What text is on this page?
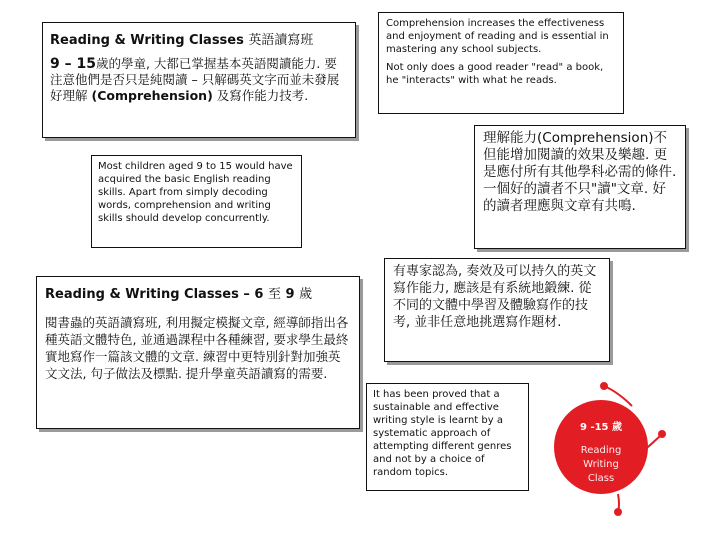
Reading & Writing Classes 英語讀寫班
9 – 15歲的學童, 大都已掌握基本英語閱讀能力. 要注意他們是否只是純閱讀 – 只解碼英文字而並未發展好理解 (Comprehension) 及寫作能力技考.

Comprehension increases the effectiveness and enjoyment of reading and is essential in mastering any school subjects.

Not only does a good reader "read" a book, he "interacts" with what he reads.

理解能力(Comprehension)不但能增加閱讀的效果及樂趣. 更是應付所有其他學科必需的條件. 一個好的讀者不只"讀"文章. 好的讀者理應與文章有共鳴.
Most children aged 9 to 15 would have acquired the basic English reading skills. Apart from simply decoding words, comprehension and writing skills should develop concurrently.
Reading & Writing Classes – 6 至 9 歲
閱書蟲的英語讀寫班, 利用擬定模擬文章, 經導師指出各種英語文體特色, 並通過課程中各種練習, 要求學生最終實地寫作一篇該文體的文章. 練習中更特別針對加強英文文法, 句子做法及標點. 提升學童英語讀寫的需要.
有專家認為, 奏效及可以持久的英文寫作能力, 應該是有系統地鍛練. 從不同的文體中學習及體驗寫作的技考, 並非任意地挑選寫作題材.
It has been proved that a sustainable and effective writing style is learnt by a systematic approach of attempting different genres and not by a choice of random topics.
9 -15 歲
Reading
Writing
Class
